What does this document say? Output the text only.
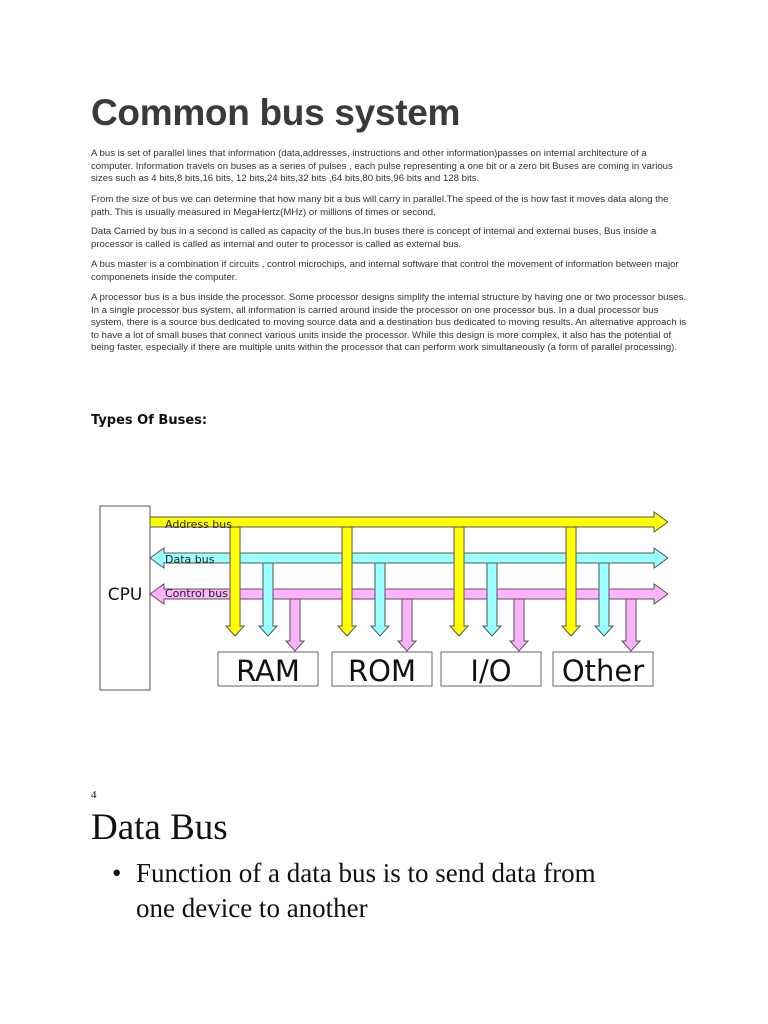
Common bus system

A bus is set of parallel lines that information (data,addresses, instructions and other information)passes on internal architecture of a computer. Information travels on buses as a series of pulses , each pulse representing a one bit or a zero bit Buses are coming in various sizes such as 4 bits,8 bits,16 bits, 12 bits,24 bits,32 bits ,64 bits,80 bits,96 bits and 128 bits.

From the size of bus we can determine that how many bit a bus will carry in parallel.The speed of the is how fast it moves data along the path. This is usually measured in MegaHertz(MHz) or millions of times or second.

Data Carried by bus in a second is called as capacity of the bus.In buses there is concept of internal and external buses, Bus inside a processor is called is called as internal and outer to processor is called as external bus.

A bus master is a combination if circuits , control microchips, and internal software that control the movement of information between major componenets inside the computer.

A processor bus is a bus inside the processor. Some processor designs simplify the internal structure by having one or two processor buses. In a single processor bus system, all information is carried around inside the processor on one processor bus. In a dual processor bus system, there is a source bus dedicated to moving source data and a destination bus dedicated to moving results. An alternative approach is to have a lot of small buses that connect various units inside the processor. While this design is more complex, it also has the potential of being faster, especially if there are multiple units within the processor that can perform work simultaneously (a form of parallel processing).

Types Of Buses:
CPU
Address bus
Data bus
Control bus
RAM ROM I/O Other
4
Data Bus
• Function of a data bus is to send data from one device to another
